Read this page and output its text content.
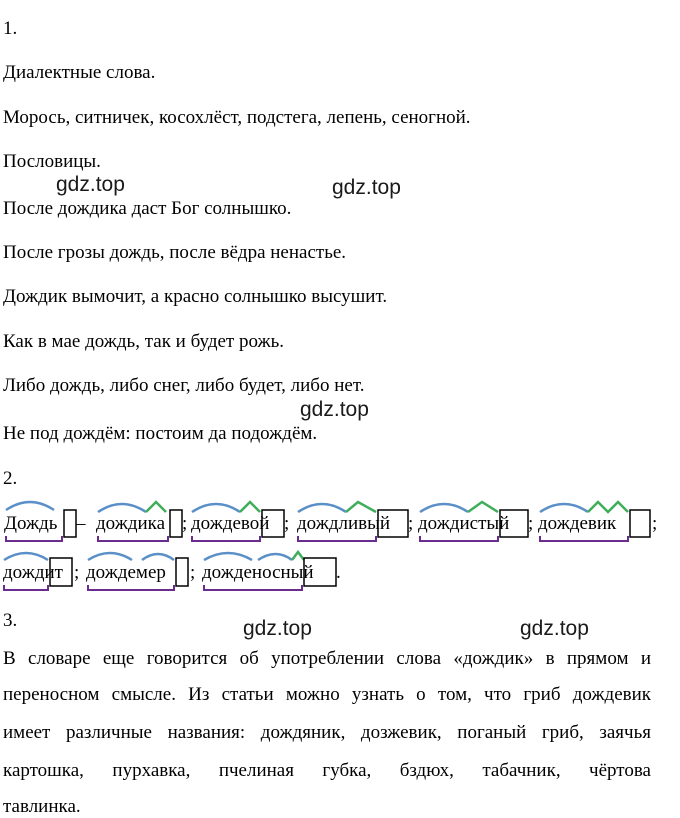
1.
Диалектные слова.
Морось, ситничек, косохлёст, подстега, лепень, сеногной.
Пословицы.
После дождика даст Бог солнышко.
После грозы дождь, после вёдра ненастье.
Дождик вымочит, а красно солнышко высушит.
Как в мае дождь, так и будет рожь.
Либо дождь, либо снег, либо будет, либо нет.
Не под дождём: постоим да подождём.
2.
Дождь – дождика ; дождевой ; дождливый ; дождистый ; дождевик ;
дождит ; дождемер ; дожденосный .
3.
В словаре еще говорится об употреблении слова «дождик» в прямом и
переносном смысле. Из статьи можно узнать о том, что гриб дождевик
имеет различные названия: дождяник, дозжевик, поганый гриб, заячья
картошка, пурхавка, пчелиная губка, бздюх, табачник, чёртова
тавлинка.
gdz.top	gdz.top
gdz.top
gdz.top	gdz.top
